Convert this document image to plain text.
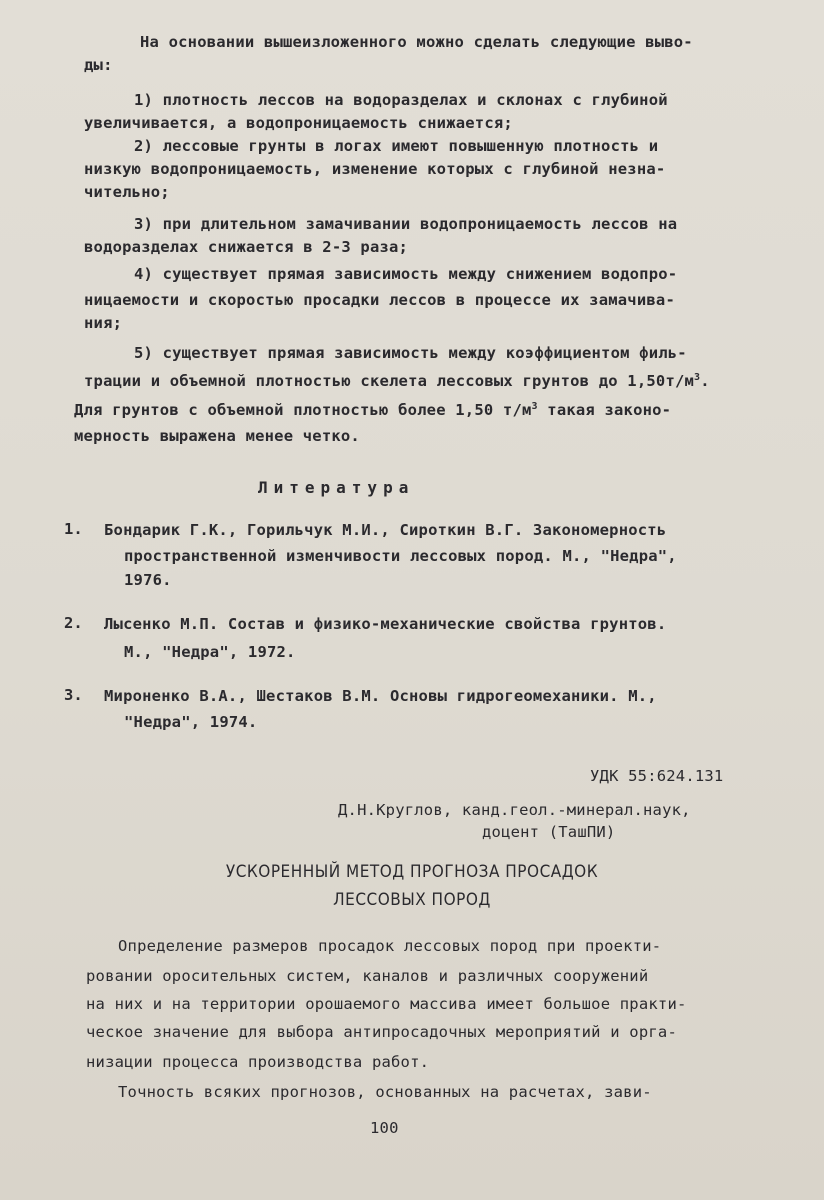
На основании вышеизложенного можно сделать следующие выво-
ды:
1) плотность лессов на водоразделах и склонах с глубиной
увеличивается, а водопроницаемость снижается;
2) лессовые грунты в логах имеют повышенную плотность и
низкую водопроницаемость, изменение которых с глубиной незна-
чительно;
3) при длительном замачивании водопроницаемость лессов на
водоразделах снижается в 2-3 раза;
4) существует прямая зависимость между снижением водопро-
ницаемости и скоростью просадки лессов в процессе их замачива-
ния;
5) существует прямая зависимость между коэффициентом филь-
трации и объемной плотностью скелета лессовых грунтов до $1,50т/м^3$.
Для грунтов с объемной плотностью более 1,50 $т/м^3$ такая законо-
мерность выражена менее четко.
Литература
1. Бондарик Г.К., Горильчук М.И., Сироткин В.Г. Закономерность
пространственной изменчивости лессовых пород. М., "Недра",
1976.
2. Лысенко М.П. Состав и физико-механические свойства грунтов.
М., "Недра", 1972.
3. Мироненко В.А., Шестаков В.М. Основы гидрогеомеханики. М.,
"Недра", 1974.
УДК 55:624.131
Д.Н.Круглов, канд.геол.-минерал.наук,
доцент (ТашПИ)
УСКОРЕННЫЙ МЕТОД ПРОГНОЗА ПРОСАДОК
ЛЕССОВЫХ ПОРОД
Определение размеров просадок лессовых пород при проекти-
ровании оросительных систем, каналов и различных сооружений
на них и на территории орошаемого массива имеет большое практи-
ческое значение для выбора антипросадочных мероприятий и орга-
низации процесса производства работ.
Точность всяких прогнозов, основанных на расчетах, зави-
100
